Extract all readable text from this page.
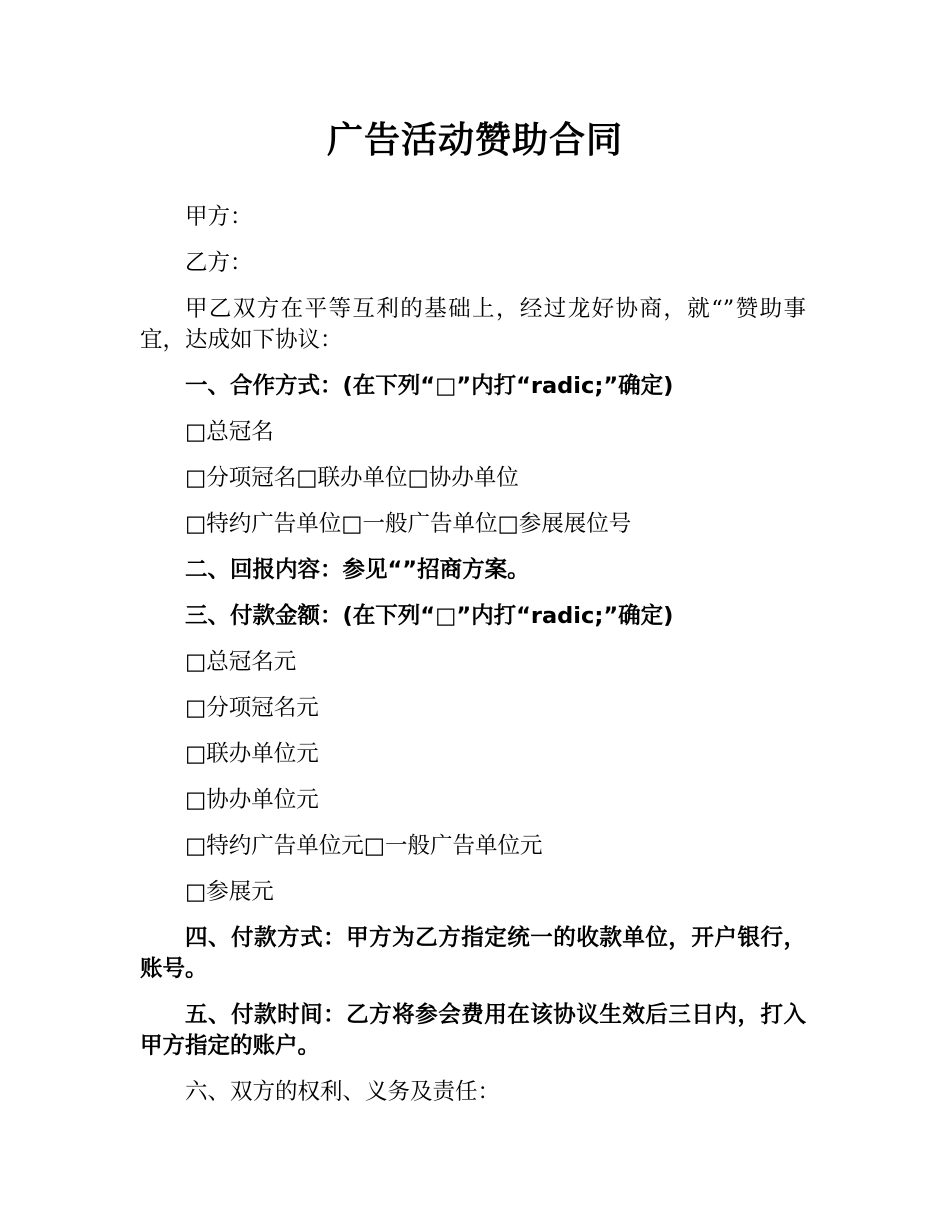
广告活动赞助合同

甲方：

乙方：

甲乙双方在平等互利的基础上，经过龙好协商，就“”赞助事宜，达成如下协议：

一、合作方式：(在下列“□”内打“radic;”确定)

□总冠名

□分项冠名□联办单位□协办单位

□特约广告单位□一般广告单位□参展展位号

二、回报内容：参见“”招商方案。

三、付款金额：(在下列“□”内打“radic;”确定)

□总冠名元

□分项冠名元

□联办单位元

□协办单位元

□特约广告单位元□一般广告单位元

□参展元

四、付款方式：甲方为乙方指定统一的收款单位，开户银行，账号。

五、付款时间：乙方将参会费用在该协议生效后三日内，打入甲方指定的账户。

六、双方的权利、义务及责任：
